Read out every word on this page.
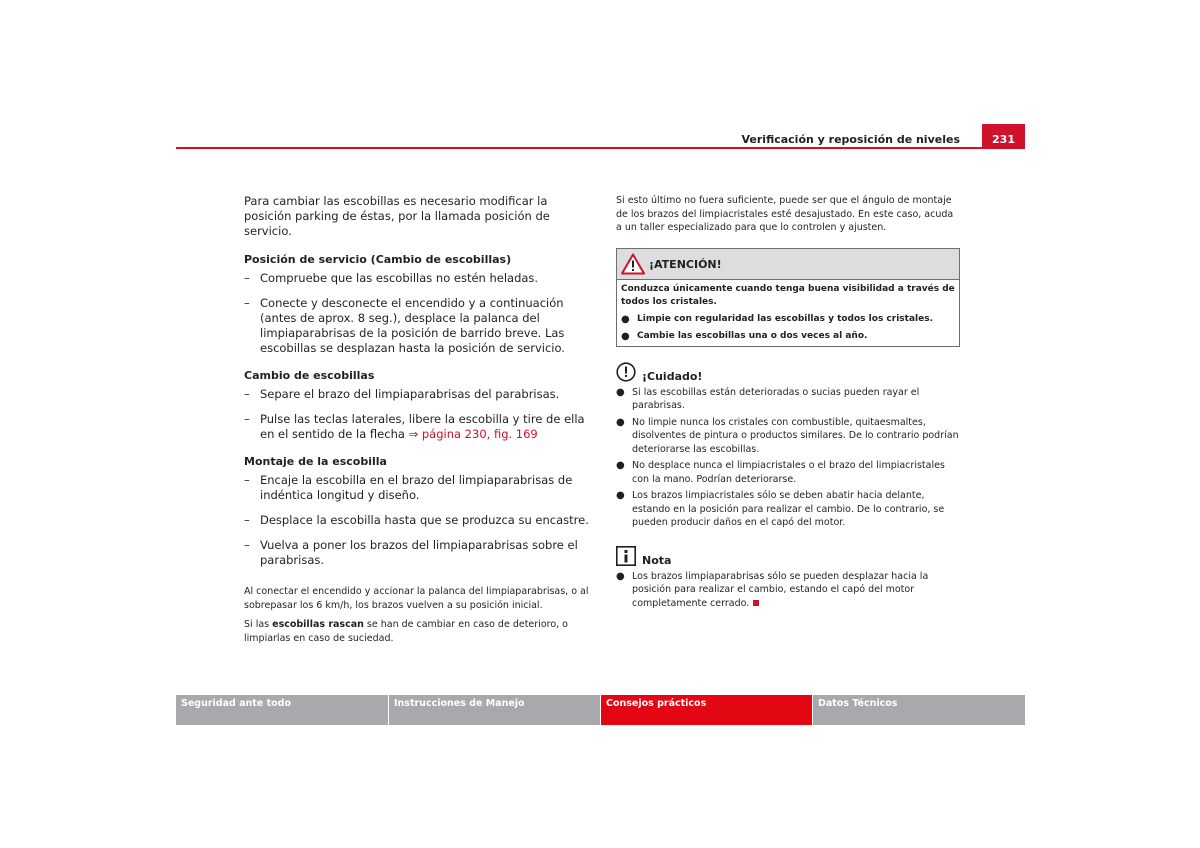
Verificación y reposición de niveles	231

Para cambiar las escobillas es necesario modificar la posición parking de éstas, por la llamada posición de servicio.

Posición de servicio (Cambio de escobillas)

– Compruebe que las escobillas no estén heladas.

– Conecte y desconecte el encendido y a continuación (antes de aprox. 8 seg.), desplace la palanca del limpiaparabrisas de la posición de barrido breve. Las escobillas se desplazan hasta la posición de servicio.

Cambio de escobillas

– Separe el brazo del limpiaparabrisas del parabrisas.

– Pulse las teclas laterales, libere la escobilla y tire de ella en el sentido de la flecha ⇒ página 230, fig. 169

Montaje de la escobilla

– Encaje la escobilla en el brazo del limpiaparabrisas de indéntica longitud y diseño.

– Desplace la escobilla hasta que se produzca su encastre.

– Vuelva a poner los brazos del limpiaparabrisas sobre el parabrisas.

Al conectar el encendido y accionar la palanca del limpiaparabrisas, o al sobrepasar los 6 km/h, los brazos vuelven a su posición inicial.

Si las escobillas rascan se han de cambiar en caso de deterioro, o limpiarlas en caso de suciedad.

Si esto último no fuera suficiente, puede ser que el ángulo de montaje de los brazos del limpiacristales esté desajustado. En este caso, acuda a un taller especializado para que lo controlen y ajusten.

¡ATENCIÓN!

Conduzca únicamente cuando tenga buena visibilidad a través de todos los cristales.

● Limpie con regularidad las escobillas y todos los cristales.

● Cambie las escobillas una o dos veces al año.

¡Cuidado!

● Si las escobillas están deterioradas o sucias pueden rayar el parabrisas.

● No limpie nunca los cristales con combustible, quitaesmaltes, disolventes de pintura o productos similares. De lo contrario podrían deteriorarse las escobillas.

● No desplace nunca el limpiacristales o el brazo del limpiacristales con la mano. Podrían deteriorarse.

● Los brazos limpiacristales sólo se deben abatir hacia delante, estando en la posición para realizar el cambio. De lo contrario, se pueden producir daños en el capó del motor.

Nota

● Los brazos limpiaparabrisas sólo se pueden desplazar hacia la posición para realizar el cambio, estando el capó del motor completamente cerrado.

Seguridad ante todo	Instrucciones de Manejo	Consejos prácticos	Datos Técnicos
